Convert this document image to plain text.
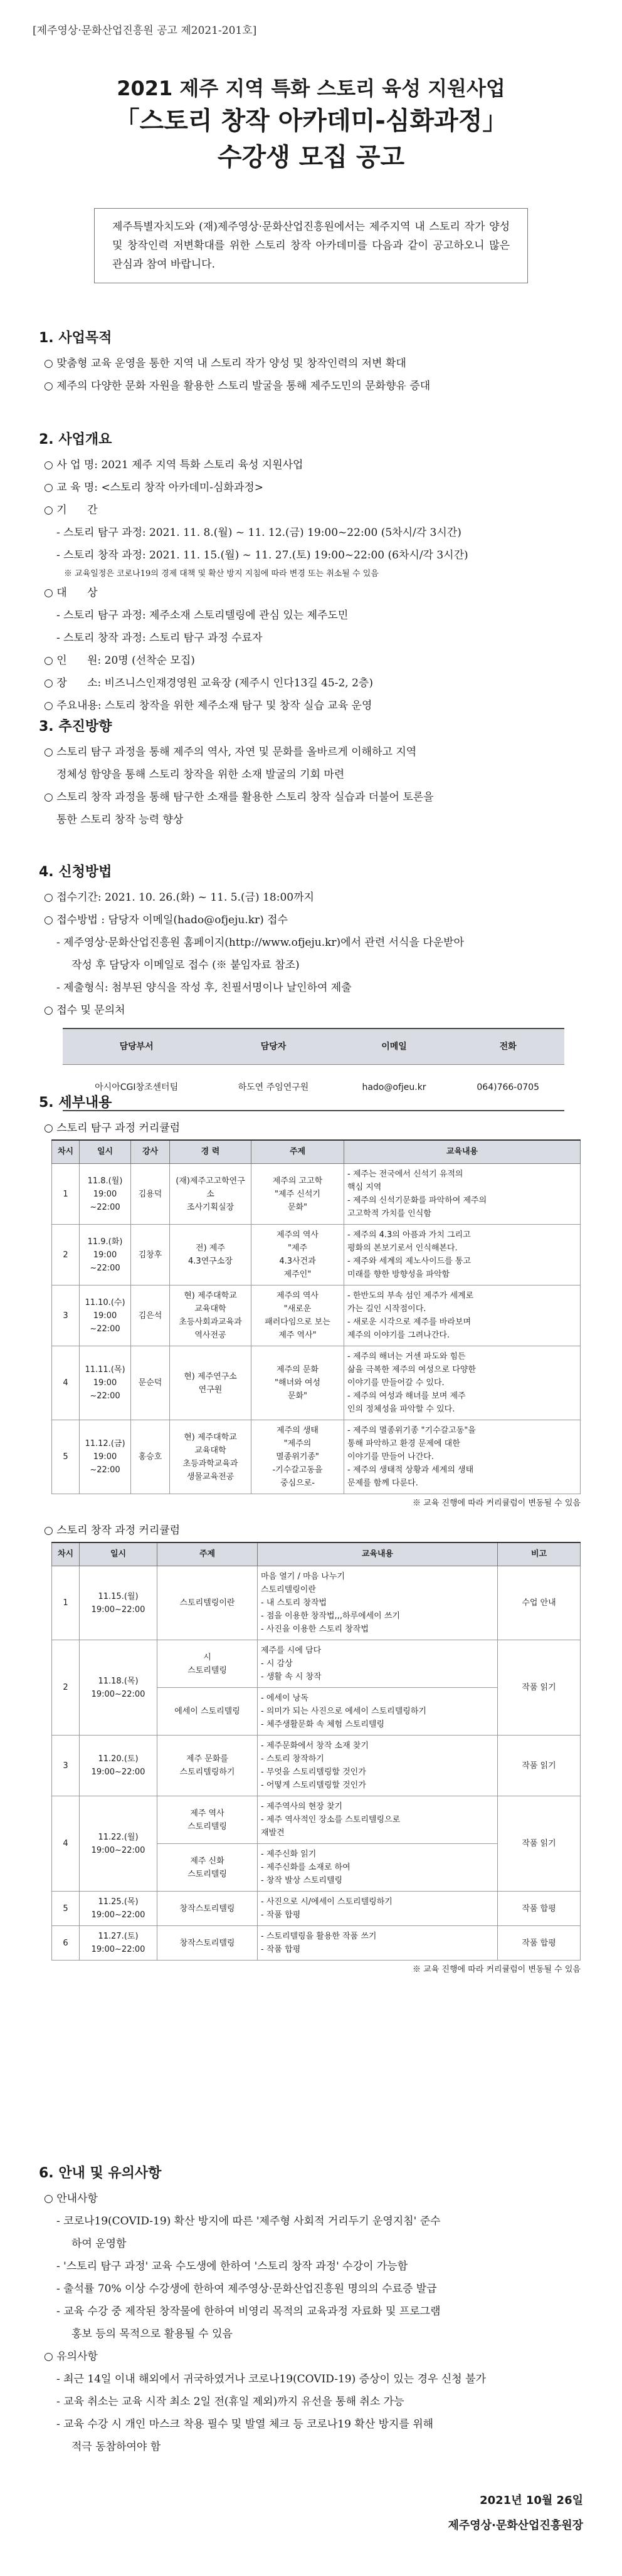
[제주영상·문화산업진흥원 공고 제2021-201호]
2021 제주 지역 특화 스토리 육성 지원사업
「스토리 창작 아카데미-심화과정」
수강생 모집 공고
제주특별자치도와 (재)제주영상·문화산업진흥원에서는 제주지역 내 스토리 작가 양성 및 창작인력 저변확대를 위한 스토리 창작 아카데미를 다음과 같이 공고하오니 많은 관심과 참여 바랍니다.
1. 사업목적
○ 맞춤형 교육 운영을 통한 지역 내 스토리 작가 양성 및 창작인력의 저변 확대
○ 제주의 다양한 문화 자원을 활용한 스토리 발굴을 통해 제주도민의 문화향유 증대
2. 사업개요
○ 사 업 명: 2021 제주 지역 특화 스토리 육성 지원사업
○ 교 육 명: <스토리 창작 아카데미-심화과정>
○ 기      간
- 스토리 탐구 과정: 2021. 11. 8.(월) ~ 11. 12.(금) 19:00~22:00 (5차시/각 3시간)
- 스토리 창작 과정: 2021. 11. 15.(월) ~ 11. 27.(토) 19:00~22:00 (6차시/각 3시간)
※ 교육일정은 코로나19의 경제 대책 및 확산 방지 지침에 따라 변경 또는 취소될 수 있음
○ 대      상
- 스토리 탐구 과정: 제주소재 스토리텔링에 관심 있는 제주도민
- 스토리 창작 과정: 스토리 탐구 과정 수료자
○ 인      원: 20명 (선착순 모집)
○ 장      소: 비즈니스인재경영원 교육장 (제주시 인다13길 45-2, 2층)
○ 주요내용: 스토리 창작을 위한 제주소재 탐구 및 창작 실습 교육 운영
3. 추진방향
○ 스토리 탐구 과정을 통해 제주의 역사, 자연 및 문화를 올바르게 이해하고 지역
정체성 함양을 통해 스토리 창작을 위한 소재 발굴의 기회 마련
○ 스토리 창작 과정을 통해 탐구한 소재를 활용한 스토리 창작 실습과 더불어 토론을
통한 스토리 창작 능력 향상
4. 신청방법
○ 접수기간: 2021. 10. 26.(화) ~ 11. 5.(금) 18:00까지
○ 접수방법 : 담당자 이메일(hado@ofjeju.kr) 접수
- 제주영상·문화산업진흥원 홈페이지(http://www.ofjeju.kr)에서 관련 서식을 다운받아
작성 후 담당자 이메일로 접수 (※ 붙임자료 참조)
- 제출형식: 첨부된 양식을 작성 후, 친필서명이나 날인하여 제출
○ 접수 및 문의처
담당부서	담당자	이메일	전화
아시아CGI창조센터팀	하도연 주임연구원	hado@ofjeu.kr	064)766-0705
5. 세부내용
○ 스토리 탐구 과정 커리큘럼
차시	일시	강사	경 력	주제	교육내용
1	11.8.(월)
19:00
~22:00	김용덕	(재)제주고고학연구소
조사기획실장	제주의 고고학
"제주 신석기
문화"	- 제주는 전국에서 신석기 유적의
핵심 지역
- 제주의 신석기문화를 파악하여 제주의
고고학적 가치를 인식함
2	11.9.(화)
19:00
~22:00	김창후	전) 제주
4.3연구소장	제주의 역사
"제주
4.3사건과
제주인"	- 제주의 4.3의 아픔과 가치 그리고
평화의 본보기로서 인식해본다.
- 제주와 세계의 제노사이드를 통고
미래를 향한 방향성을 파악함
3	11.10.(수)
19:00
~22:00	김은석	현) 제주대학교
교육대학
초등사회과교육과
역사전공	제주의 역사
"새로운
패러다임으로 보는
제주 역사"	- 한반도의 부속 섬인 제주가 세계로
가는 길인 시작점이다.
- 새로운 시각으로 제주를 바라보며
제주의 이야기를 그려나간다.
4	11.11.(목)
19:00
~22:00	문순덕	현) 제주연구소
연구원	제주의 문화
"해녀와 여성
문화"	- 제주의 해녀는 거센 파도와 힘든
삶을 극복한 제주의 여성으로 다양한
이야기를 만들어갈 수 있다.
- 제주의 여성과 해녀를 보며 제주
인의 정체성을 파악할 수 있다.
5	11.12.(금)
19:00
~22:00	홍승호	현) 제주대학교
교육대학
초등과학교육과
생물교육전공	제주의 생태
"제주의
멸종위기종"
-기수갈고동을
중심으로-	- 제주의 멸종위기종 "기수갈고동"을
통해 파악하고 환경 문제에 대한
이야기를 만들어 나간다.
- 제주의 생태적 상황과 세계의 생태
문제를 함께 다룬다.
※ 교육 진행에 따라 커리큘럼이 변동될 수 있음
○ 스토리 창작 과정 커리큘럼
차시	일시	주제	교육내용	비고
1	11.15.(월)
19:00~22:00	스토리텔링이란	마음 열기 / 마음 나누기
스토리텔링이란
- 내 스토리 창작법
- 점을 이용한 창작법,,,하루에세이 쓰기
- 사진을 이용한 스토리 창작법	수업 안내
2	11.18.(목)
19:00~22:00	시
스토리텔링	제주를 시에 담다
- 시 감상
- 생활 속 시 창작	작품 읽기
		에세이 스토리텔링	- 에세이 낭독
- 의미가 되는 사진으로 에세이 스토리텔링하기
- 체주생활문화 속 체험 스토리텔링	
3	11.20.(토)
19:00~22:00	제주 문화를
스토리텔링하기	- 제주문화에서 창작 소재 찾기
- 스토리 창작하기
- 무엇을 스토리텔링할 것인가
- 어떻게 스토리텔링할 것인가	작품 읽기
4	11.22.(월)
19:00~22:00	제주 역사
스토리텔링	- 제주역사의 현장 찾기
- 제주 역사적인 장소를 스토리텔링으로
재발견	작품 읽기
		제주 신화
스토리텔링	- 제주신화 읽기
- 제주신화를 소재로 하여
- 창작 발상 스토리텔링	
5	11.25.(목)
19:00~22:00	창작스토리텔링	- 사진으로 시/에세이 스토리텔링하기
- 작품 합평	작품 합평
6	11.27.(토)
19:00~22:00	창작스토리텔링	- 스토리텔링을 활용한 작품 쓰기
- 작품 합평	작품 합평
※ 교육 진행에 따라 커리큘럼이 변동될 수 있음
6. 안내 및 유의사항
○ 안내사항
- 코로나19(COVID-19) 확산 방지에 따른 '제주형 사회적 거리두기 운영지침' 준수
하여 운영함
- '스토리 탐구 과정' 교육 수도생에 한하여 '스토리 창작 과정' 수강이 가능함
- 출석률 70% 이상 수강생에 한하여 제주영상·문화산업진흥원 명의의 수료증 발급
- 교육 수강 중 제작된 창작물에 한하여 비영리 목적의 교육과정 자료화 및 프로그램
홍보 등의 목적으로 활용될 수 있음
○ 유의사항
- 최근 14일 이내 해외에서 귀국하였거나 코로나19(COVID-19) 증상이 있는 경우 신청 불가
- 교육 취소는 교육 시작 최소 2일 전(휴일 제외)까지 유선을 통해 취소 가능
- 교육 수강 시 개인 마스크 착용 필수 및 발열 체크 등 코로나19 확산 방지를 위해
적극 동참하여야 함
2021년 10월 26일
제주영상·문화산업진흥원장
